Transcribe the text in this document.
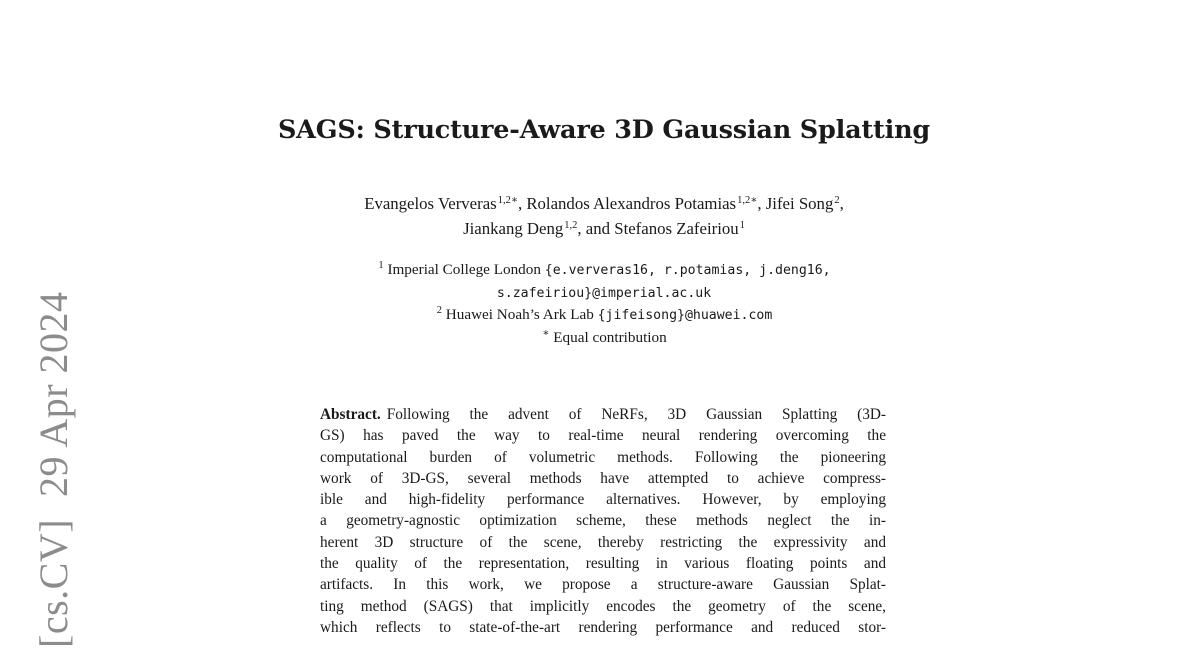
[cs.CV]29 Apr 2024
SAGS: Structure-Aware 3D Gaussian Splatting
Evangelos Ververas$^{1,2∗}$, Rolandos Alexandros Potamias$^{1,2∗}$, Jifei Song$^2$,
Jiankang Deng$^{1,2}$, and Stefanos Zafeiriou$^1$
$^1$ Imperial College London {e.ververas16, r.potamias, j.deng16,
s.zafeiriou}@imperial.ac.uk
$^2$ Huawei Noah’s Ark Lab {jifeisong}@huawei.com
∗ Equal contribution
Abstract. Following the advent of NeRFs, 3D Gaussian Splatting (3D-
GS) has paved the way to real-time neural rendering overcoming the
computational burden of volumetric methods. Following the pioneering
work of 3D-GS, several methods have attempted to achieve compress-
ible and high-fidelity performance alternatives. However, by employing
a geometry-agnostic optimization scheme, these methods neglect the in-
herent 3D structure of the scene, thereby restricting the expressivity and
the quality of the representation, resulting in various floating points and
artifacts. In this work, we propose a structure-aware Gaussian Splat-
ting method (SAGS) that implicitly encodes the geometry of the scene,
which reflects to state-of-the-art rendering performance and reduced stor-
